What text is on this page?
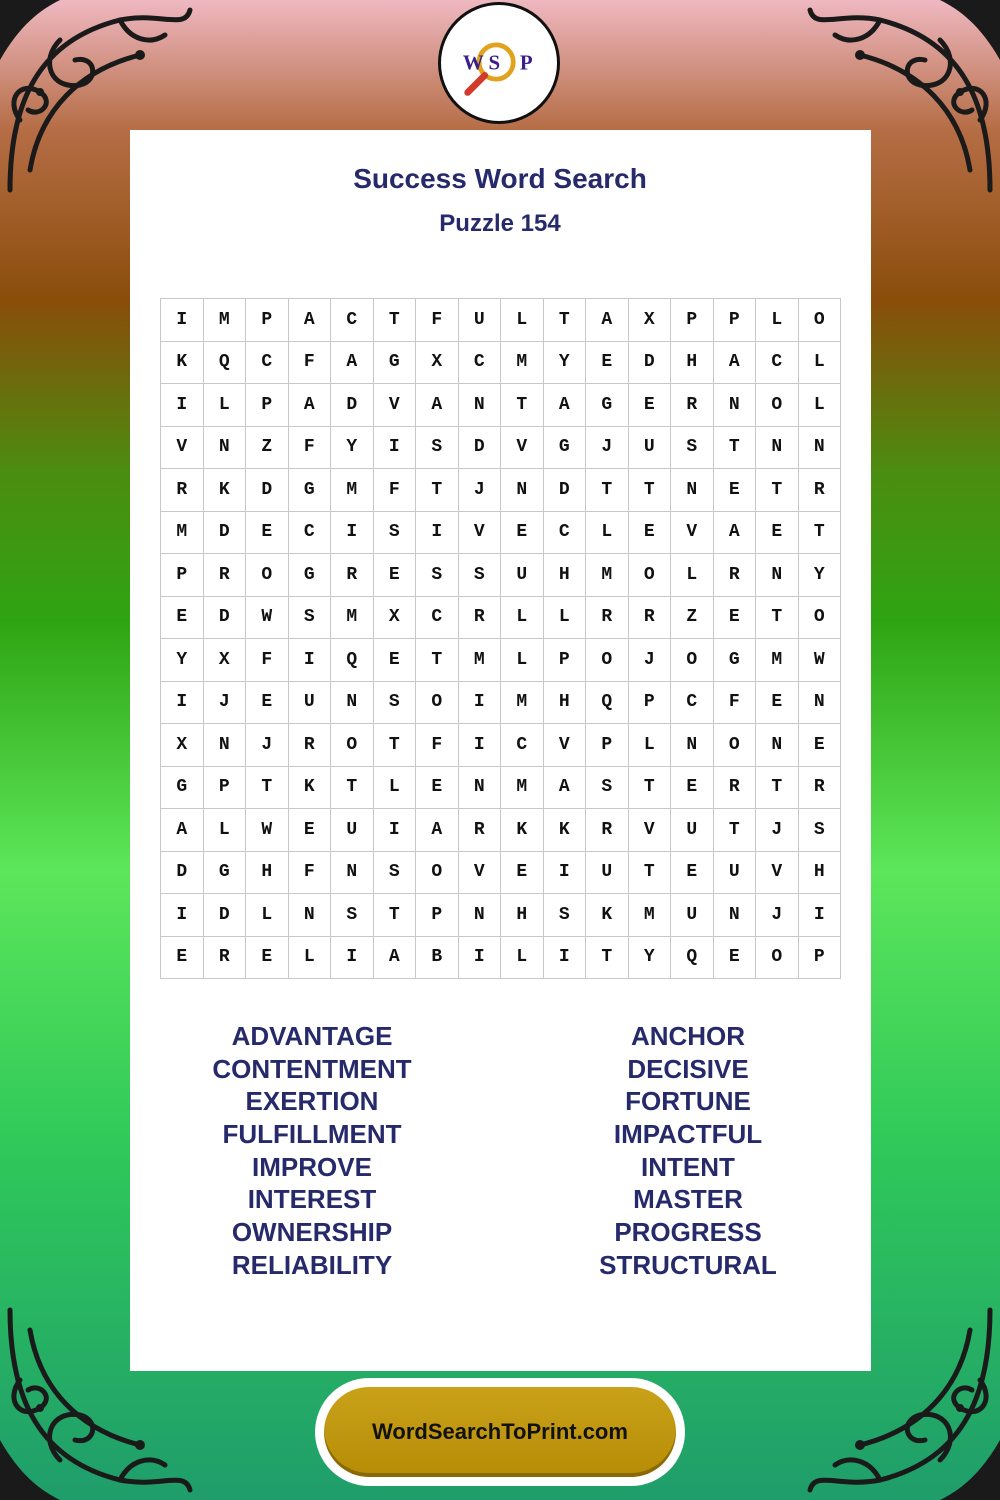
W S P
Success Word Search
Puzzle 154
I	M	P	A	C	T	F	U	L	T	A	X	P	P	L	O
K	Q	C	F	A	G	X	C	M	Y	E	D	H	A	C	L
I	L	P	A	D	V	A	N	T	A	G	E	R	N	O	L
V	N	Z	F	Y	I	S	D	V	G	J	U	S	T	N	N
R	K	D	G	M	F	T	J	N	D	T	T	N	E	T	R
M	D	E	C	I	S	I	V	E	C	L	E	V	A	E	T
P	R	O	G	R	E	S	S	U	H	M	O	L	R	N	Y
E	D	W	S	M	X	C	R	L	L	R	R	Z	E	T	O
Y	X	F	I	Q	E	T	M	L	P	O	J	O	G	M	W
I	J	E	U	N	S	O	I	M	H	Q	P	C	F	E	N
X	N	J	R	O	T	F	I	C	V	P	L	N	O	N	E
G	P	T	K	T	L	E	N	M	A	S	T	E	R	T	R
A	L	W	E	U	I	A	R	K	K	R	V	U	T	J	S
D	G	H	F	N	S	O	V	E	I	U	T	E	U	V	H
I	D	L	N	S	T	P	N	H	S	K	M	U	N	J	I
E	R	E	L	I	A	B	I	L	I	T	Y	Q	E	O	P
ADVANTAGE
CONTENTMENT
EXERTION
FULFILLMENT
IMPROVE
INTEREST
OWNERSHIP
RELIABILITY
ANCHOR
DECISIVE
FORTUNE
IMPACTFUL
INTENT
MASTER
PROGRESS
STRUCTURAL
WordSearchToPrint.com
